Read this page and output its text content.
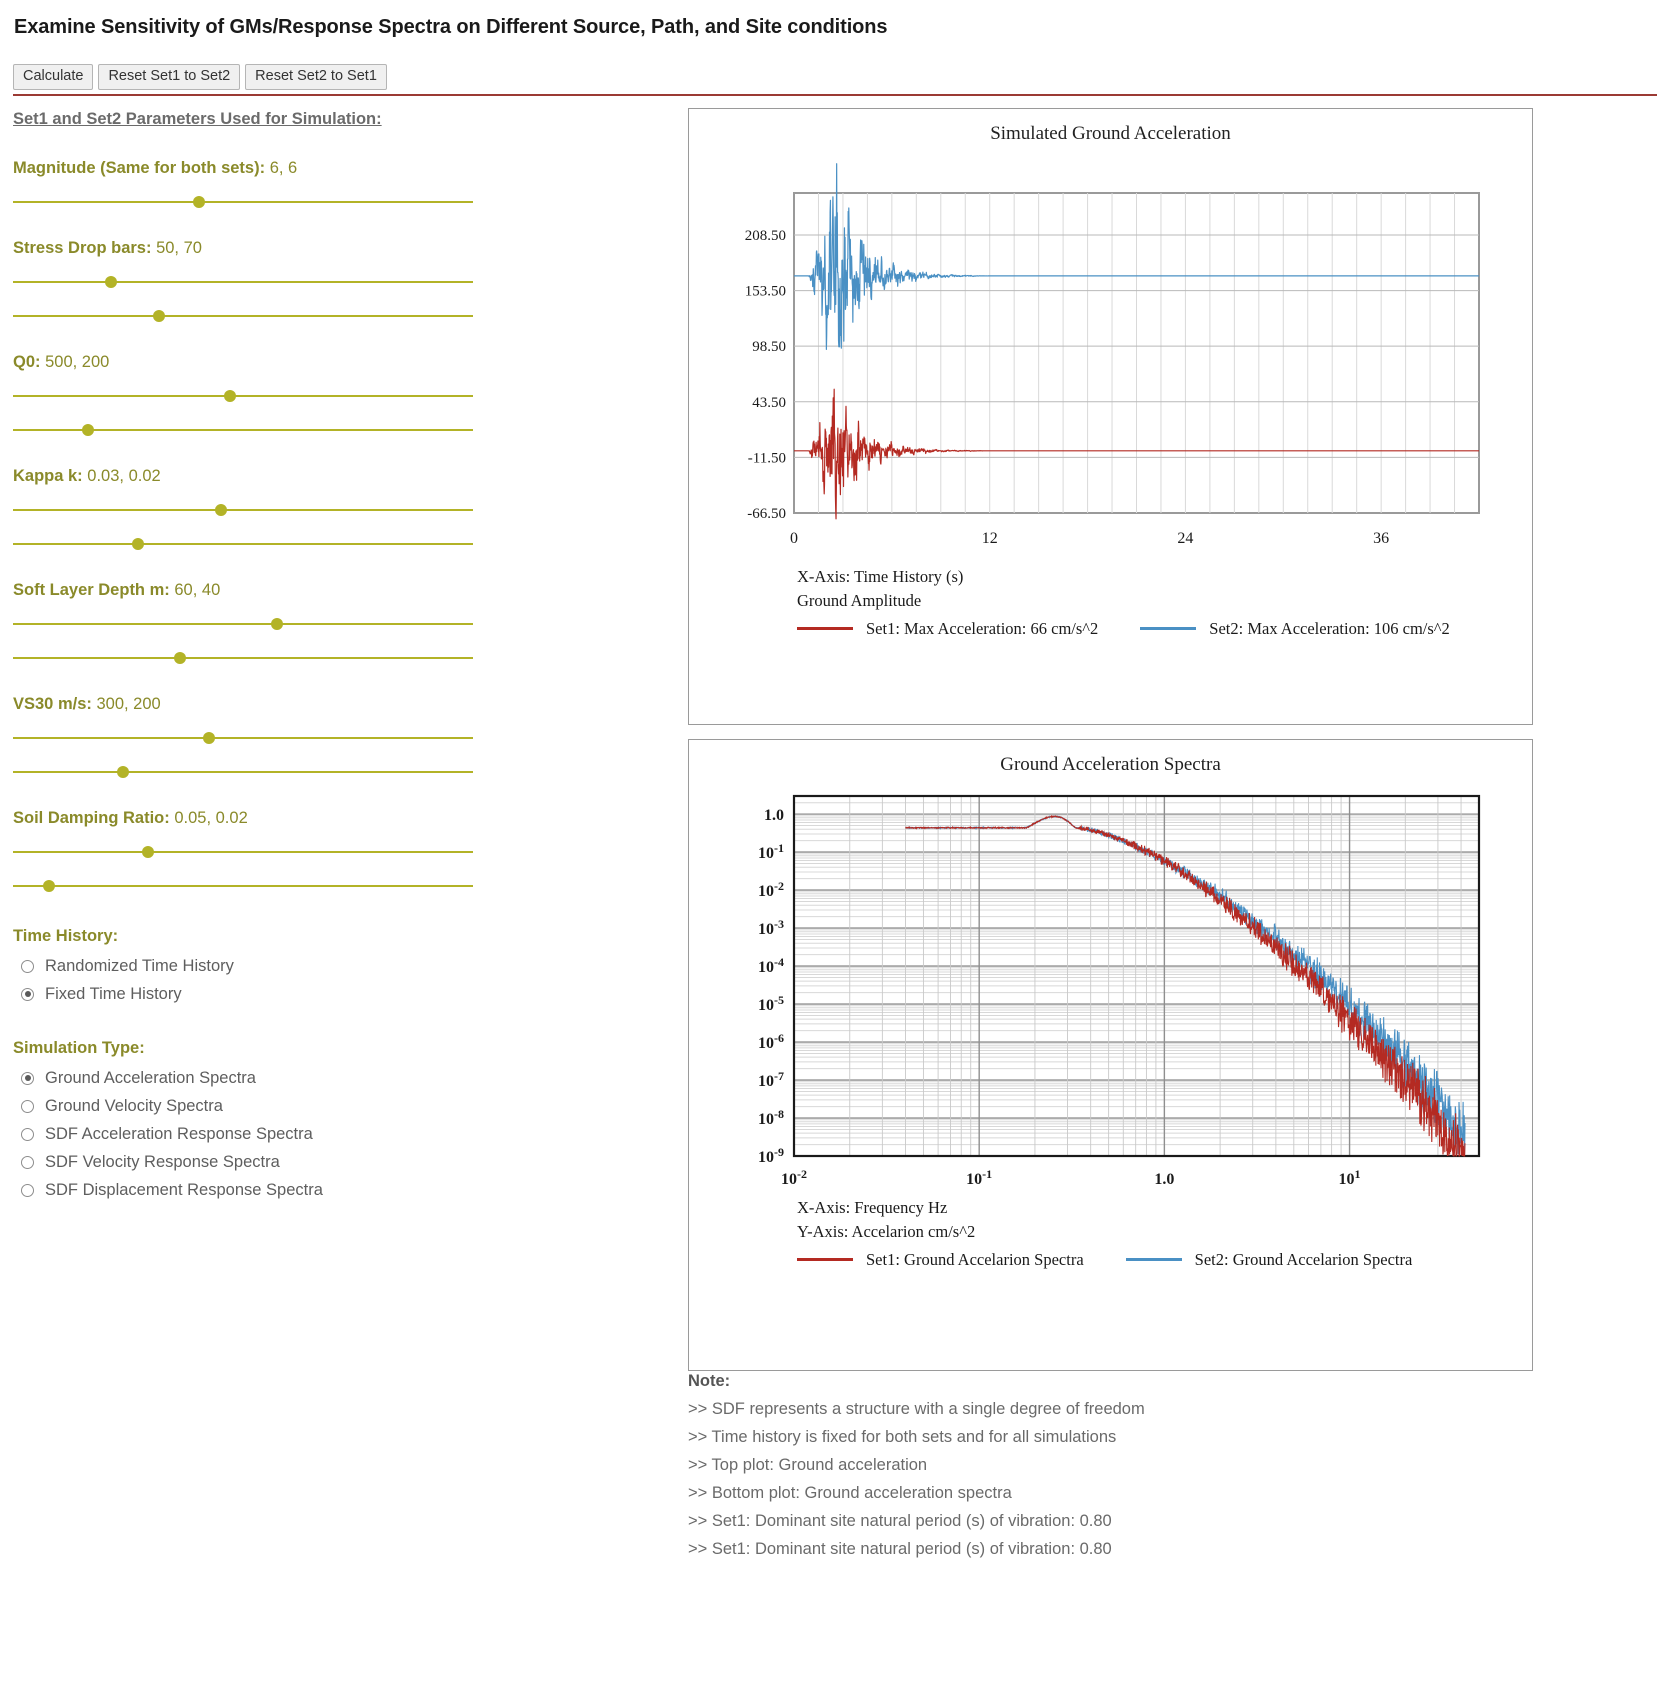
Examine Sensitivity of GMs/Response Spectra on Different Source, Path, and Site conditions
Calculate	Reset Set1 to Set2	Reset Set2 to Set1
Set1 and Set2 Parameters Used for Simulation:
Magnitude (Same for both sets): 6, 6
Stress Drop bars: 50, 70
Q0: 500, 200
Kappa k: 0.03, 0.02
Soft Layer Depth m: 60, 40
VS30 m/s: 300, 200
Soil Damping Ratio: 0.05, 0.02
Time History:
Randomized Time History
Fixed Time History
Simulation Type:
Ground Acceleration Spectra
Ground Velocity Spectra
SDF Acceleration Response Spectra
SDF Velocity Response Spectra
SDF Displacement Response Spectra
Simulated Ground Acceleration
-66.50
-11.50
43.50
98.50
153.50
208.50
0	12	24	36
X-Axis: Time History (s)
Ground Amplitude
Set1: Max Acceleration: 66 cm/s^2	Set2: Max Acceleration: 106 cm/s^2
Ground Acceleration Spectra
1.0
$10^{-1}$
$10^{-2}$
$10^{-3}$
$10^{-4}$
$10^{-5}$
$10^{-6}$
$10^{-7}$
$10^{-8}$
$10^{-9}$
$10^{-2}$	$10^{-1}$	1.0	$10^1$
X-Axis: Frequency Hz
Y-Axis: Accelarion cm/s^2
Set1: Ground Accelarion Spectra	Set2: Ground Accelarion Spectra
Note:
>> SDF represents a structure with a single degree of freedom
>> Time history is fixed for both sets and for all simulations
>> Top plot: Ground acceleration
>> Bottom plot: Ground acceleration spectra
>> Set1: Dominant site natural period (s) of vibration: 0.80
>> Set1: Dominant site natural period (s) of vibration: 0.80
